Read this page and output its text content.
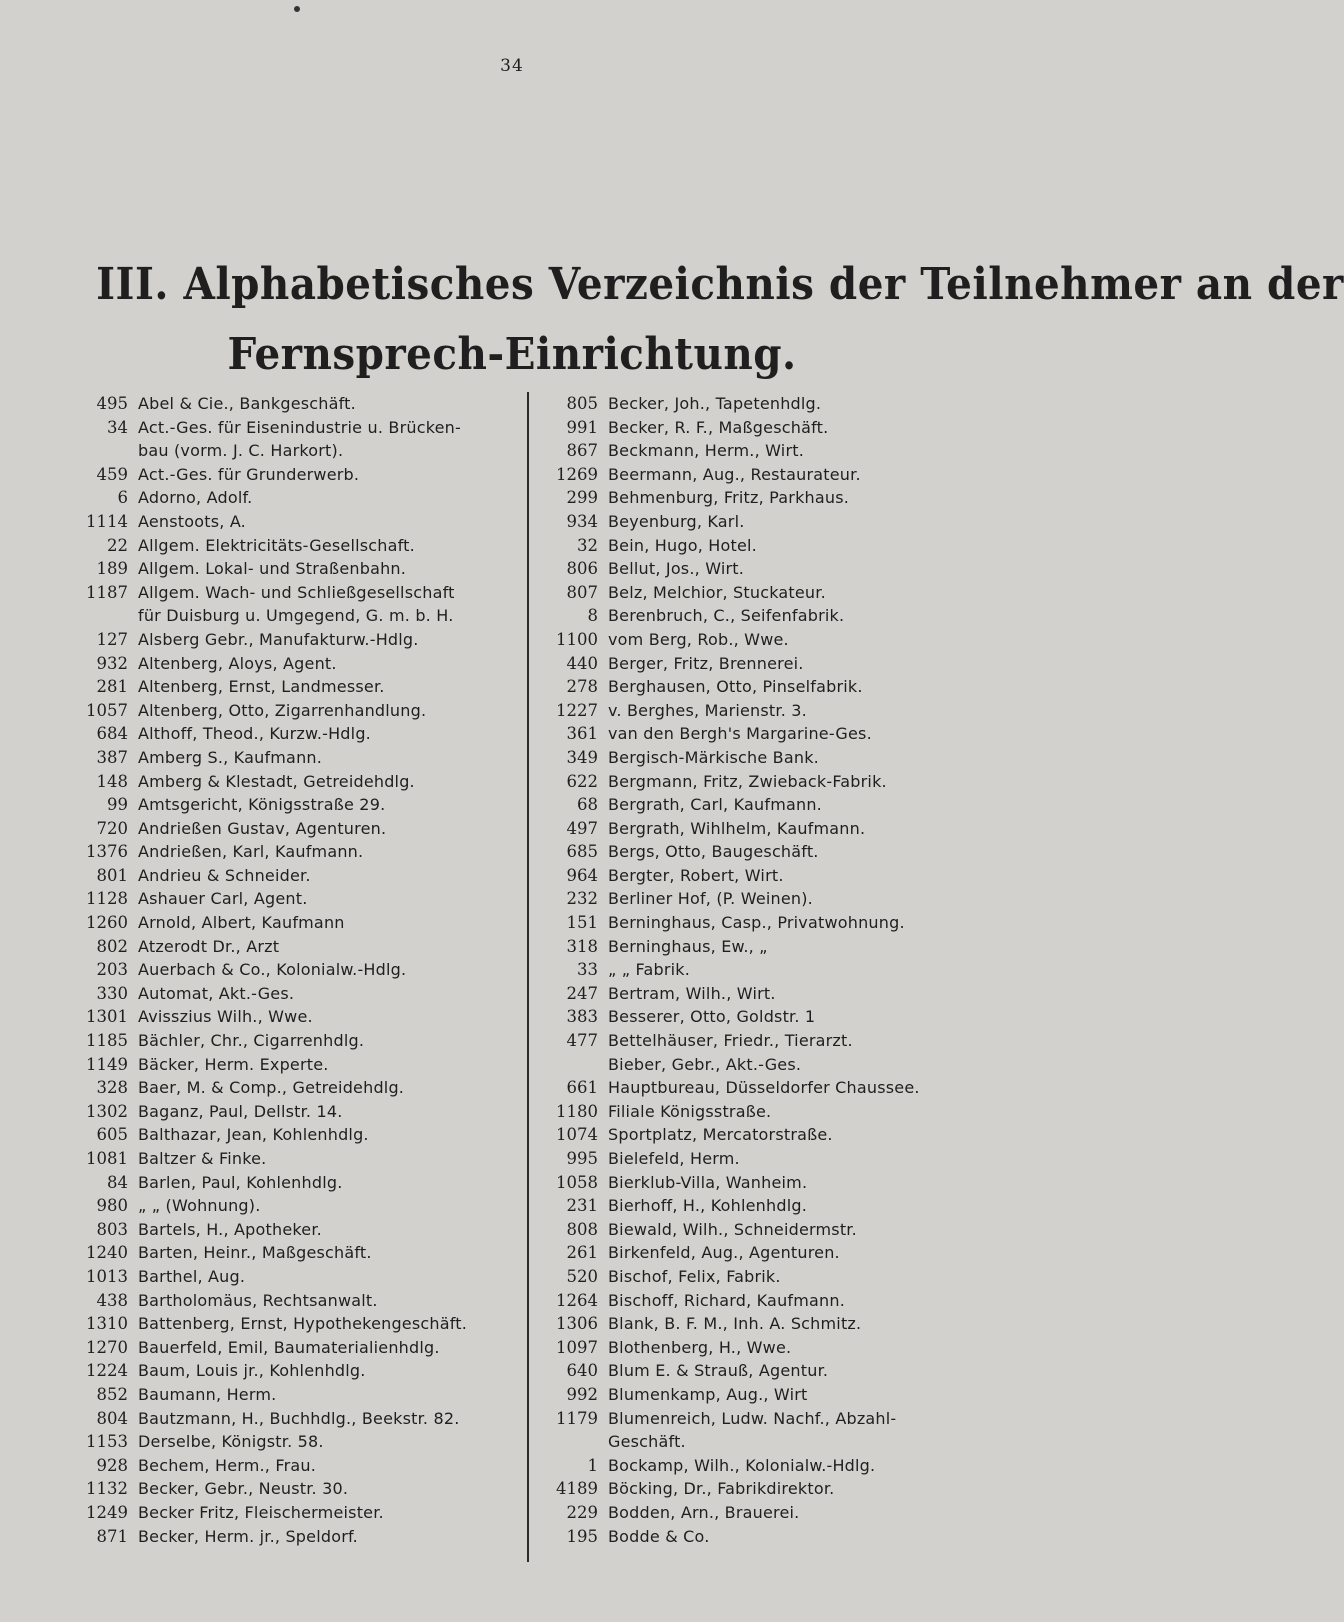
34
III. Alphabetisches Verzeichnis der Teilnehmer an der
Fernsprech-Einrichtung.
495 Abel & Cie., Bankgeschäft.
34 Act.-Ges. für Eisenindustrie u. Brücken-
bau (vorm. J. C. Harkort).
459 Act.-Ges. für Grunderwerb.
6 Adorno, Adolf.
1114 Aenstoots, A.
22 Allgem. Elektricitäts-Gesellschaft.
189 Allgem. Lokal- und Straßenbahn.
1187 Allgem. Wach- und Schließgesellschaft
für Duisburg u. Umgegend, G. m. b. H.
127 Alsberg Gebr., Manufakturw.-Hdlg.
932 Altenberg, Aloys, Agent.
281 Altenberg, Ernst, Landmesser.
1057 Altenberg, Otto, Zigarrenhandlung.
684 Althoff, Theod., Kurzw.-Hdlg.
387 Amberg S., Kaufmann.
148 Amberg & Klestadt, Getreidehdlg.
99 Amtsgericht, Königsstraße 29.
720 Andrießen Gustav, Agenturen.
1376 Andrießen, Karl, Kaufmann.
801 Andrieu & Schneider.
1128 Ashauer Carl, Agent.
1260 Arnold, Albert, Kaufmann
802 Atzerodt Dr., Arzt
203 Auerbach & Co., Kolonialw.-Hdlg.
330 Automat, Akt.-Ges.
1301 Avisszius Wilh., Wwe.
1185 Bächler, Chr., Cigarrenhdlg.
1149 Bäcker, Herm. Experte.
328 Baer, M. & Comp., Getreidehdlg.
1302 Baganz, Paul, Dellstr. 14.
605 Balthazar, Jean, Kohlenhdlg.
1081 Baltzer & Finke.
84 Barlen, Paul, Kohlenhdlg.
980 „ „ (Wohnung).
803 Bartels, H., Apotheker.
1240 Barten, Heinr., Maßgeschäft.
1013 Barthel, Aug.
438 Bartholomäus, Rechtsanwalt.
1310 Battenberg, Ernst, Hypothekengeschäft.
1270 Bauerfeld, Emil, Baumaterialienhdlg.
1224 Baum, Louis jr., Kohlenhdlg.
852 Baumann, Herm.
804 Bautzmann, H., Buchhdlg., Beekstr. 82.
1153 Derselbe, Königstr. 58.
928 Bechem, Herm., Frau.
1132 Becker, Gebr., Neustr. 30.
1249 Becker Fritz, Fleischermeister.
871 Becker, Herm. jr., Speldorf.
805 Becker, Joh., Tapetenhdlg.
991 Becker, R. F., Maßgeschäft.
867 Beckmann, Herm., Wirt.
1269 Beermann, Aug., Restaurateur.
299 Behmenburg, Fritz, Parkhaus.
934 Beyenburg, Karl.
32 Bein, Hugo, Hotel.
806 Bellut, Jos., Wirt.
807 Belz, Melchior, Stuckateur.
8 Berenbruch, C., Seifenfabrik.
1100 vom Berg, Rob., Wwe.
440 Berger, Fritz, Brennerei.
278 Berghausen, Otto, Pinselfabrik.
1227 v. Berghes, Marienstr. 3.
361 van den Bergh's Margarine-Ges.
349 Bergisch-Märkische Bank.
622 Bergmann, Fritz, Zwieback-Fabrik.
68 Bergrath, Carl, Kaufmann.
497 Bergrath, Wihlhelm, Kaufmann.
685 Bergs, Otto, Baugeschäft.
964 Bergter, Robert, Wirt.
232 Berliner Hof, (P. Weinen).
151 Berninghaus, Casp., Privatwohnung.
318 Berninghaus, Ew., „
33 „ „ Fabrik.
247 Bertram, Wilh., Wirt.
383 Besserer, Otto, Goldstr. 1
477 Bettelhäuser, Friedr., Tierarzt.
Bieber, Gebr., Akt.-Ges.
661 Hauptbureau, Düsseldorfer Chaussee.
1180 Filiale Königsstraße.
1074 Sportplatz, Mercatorstraße.
995 Bielefeld, Herm.
1058 Bierklub-Villa, Wanheim.
231 Bierhoff, H., Kohlenhdlg.
808 Biewald, Wilh., Schneidermstr.
261 Birkenfeld, Aug., Agenturen.
520 Bischof, Felix, Fabrik.
1264 Bischoff, Richard, Kaufmann.
1306 Blank, B. F. M., Inh. A. Schmitz.
1097 Blothenberg, H., Wwe.
640 Blum E. & Strauß, Agentur.
992 Blumenkamp, Aug., Wirt
1179 Blumenreich, Ludw. Nachf., Abzahl-
Geschäft.
1 Bockamp, Wilh., Kolonialw.-Hdlg.
4189 Böcking, Dr., Fabrikdirektor.
229 Bodden, Arn., Brauerei.
195 Bodde & Co.
